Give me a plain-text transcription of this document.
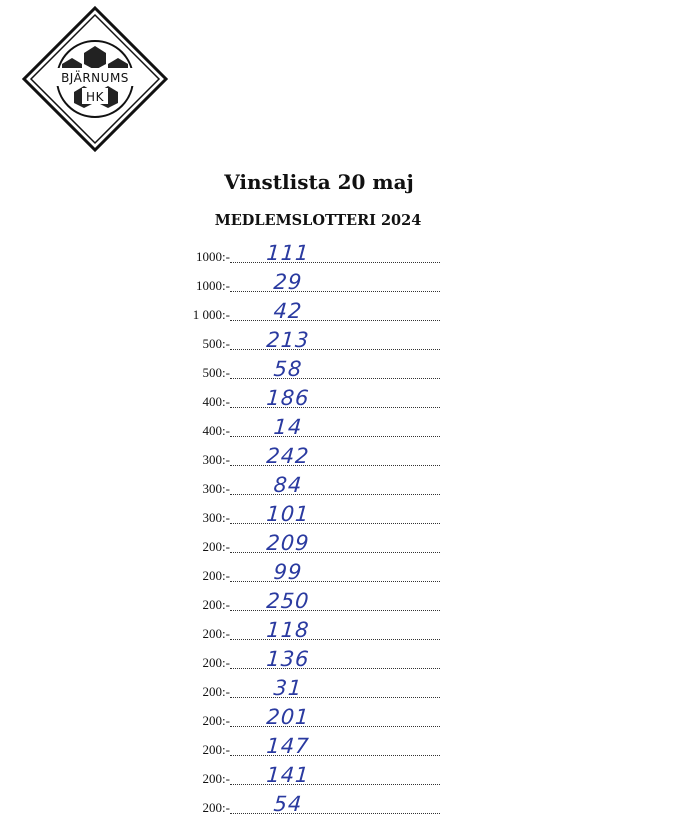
BJÄRNUMS
HK
Vinstlista 20 maj
MEDLEMSLOTTERI 2024
1000:- 111
1000:-	29
1 000:-	42
500:- 213
500:-	58
400:- 186
400:-	14
300:- 242
300:-	84
300:- 101
200:- 209
200:-	99
200:- 250
200:- 118
200:- 136
200:-	31
200:- 201
200:- 147
200:- 141
200:-	54
